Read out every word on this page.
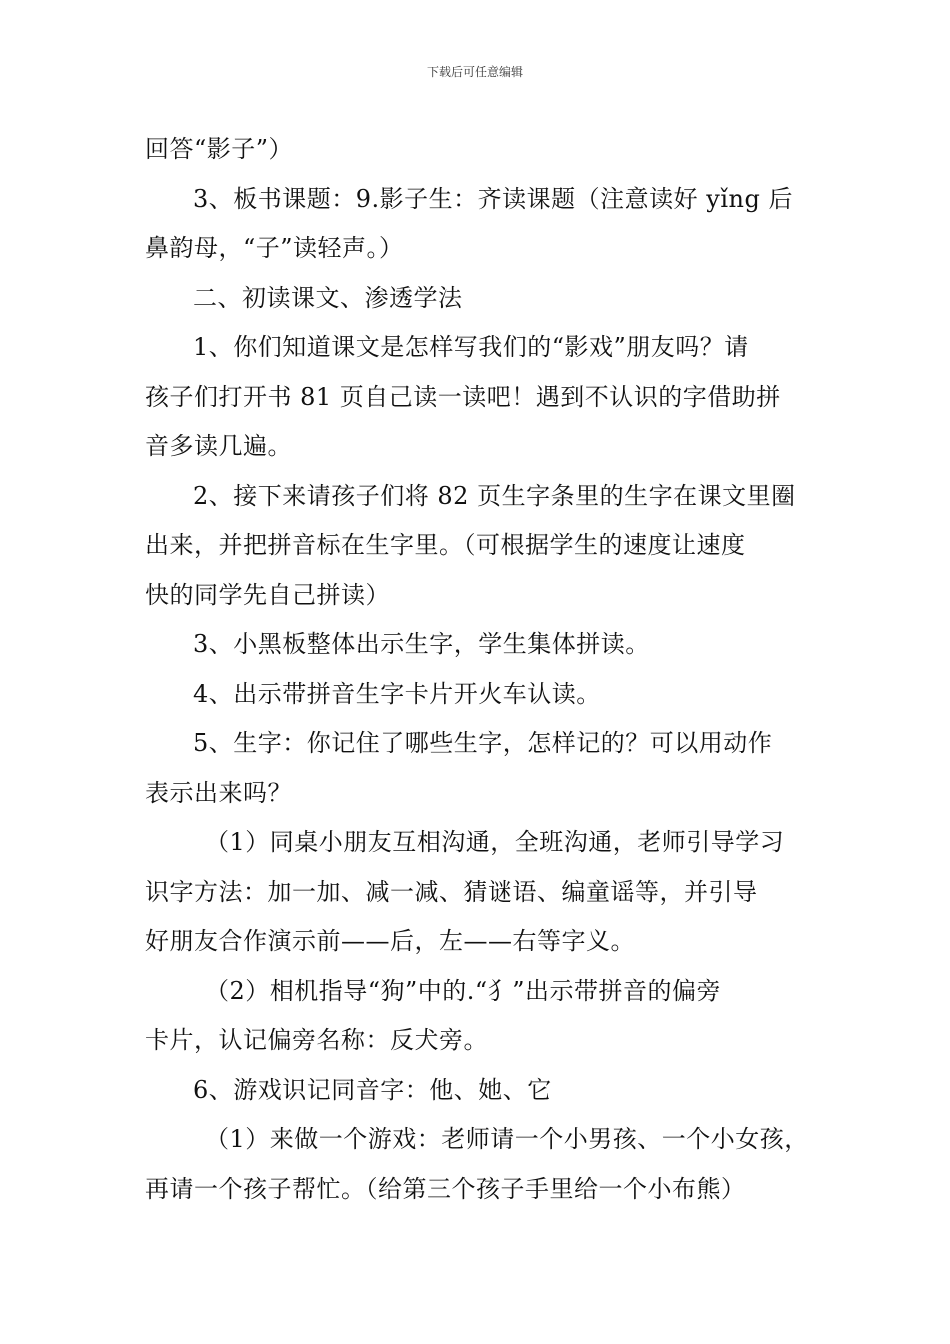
下载后可任意编辑

回答“影子”）

3、板书课题：9.影子生：齐读课题（注意读好 yǐng 后

鼻韵母，“子”读轻声。）

二、初读课文、渗透学法

1、你们知道课文是怎样写我们的“影戏”朋友吗？请

孩子们打开书 81 页自己读一读吧！遇到不认识的字借助拼

音多读几遍。

2、接下来请孩子们将 82 页生字条里的生字在课文里圈

出来，并把拼音标在生字里。（可根据学生的速度让速度

快的同学先自己拼读）

3、小黑板整体出示生字，学生集体拼读。

4、出示带拼音生字卡片开火车认读。

5、生字：你记住了哪些生字，怎样记的？可以用动作

表示出来吗？

（1）同桌小朋友互相沟通，全班沟通，老师引导学习

识字方法：加一加、减一减、猜谜语、编童谣等，并引导

好朋友合作演示前——后，左——右等字义。

（2）相机指导“狗”中的.“犭”出示带拼音的偏旁

卡片，认记偏旁名称：反犬旁。

6、游戏识记同音字：他、她、它

（1）来做一个游戏：老师请一个小男孩、一个小女孩，

再请一个孩子帮忙。（给第三个孩子手里给一个小布熊）
